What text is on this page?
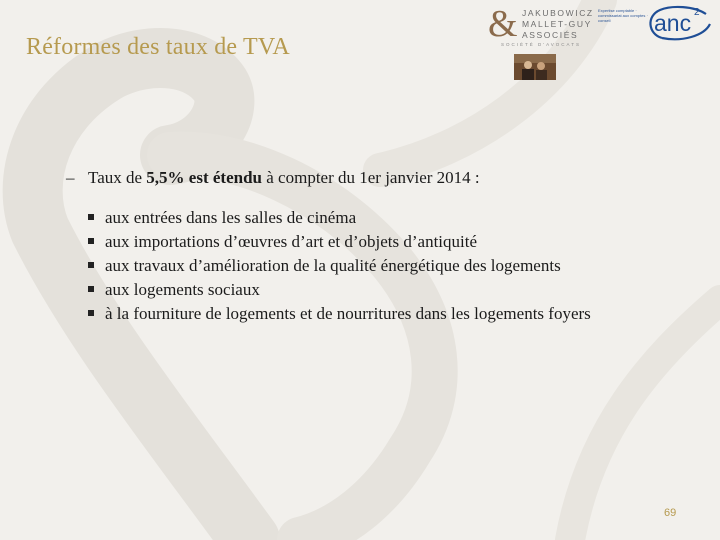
Réformes des taux de TVA
& JAKUBOWICZ
MALLET-GUY
ASSOCIÉS
SOCIÉTÉ D'AVOCATS
Expertise comptable · commissariat aux comptes · conseil	anc 2
– Taux de 5,5% est étendu à compter du 1er janvier 2014 :
aux entrées dans les salles de cinéma
aux importations d’œuvres d’art et d’objets d’antiquité
aux travaux d’amélioration de la qualité énergétique des logements
aux logements sociaux
à la fourniture de logements et de nourritures dans les logements foyers
69
